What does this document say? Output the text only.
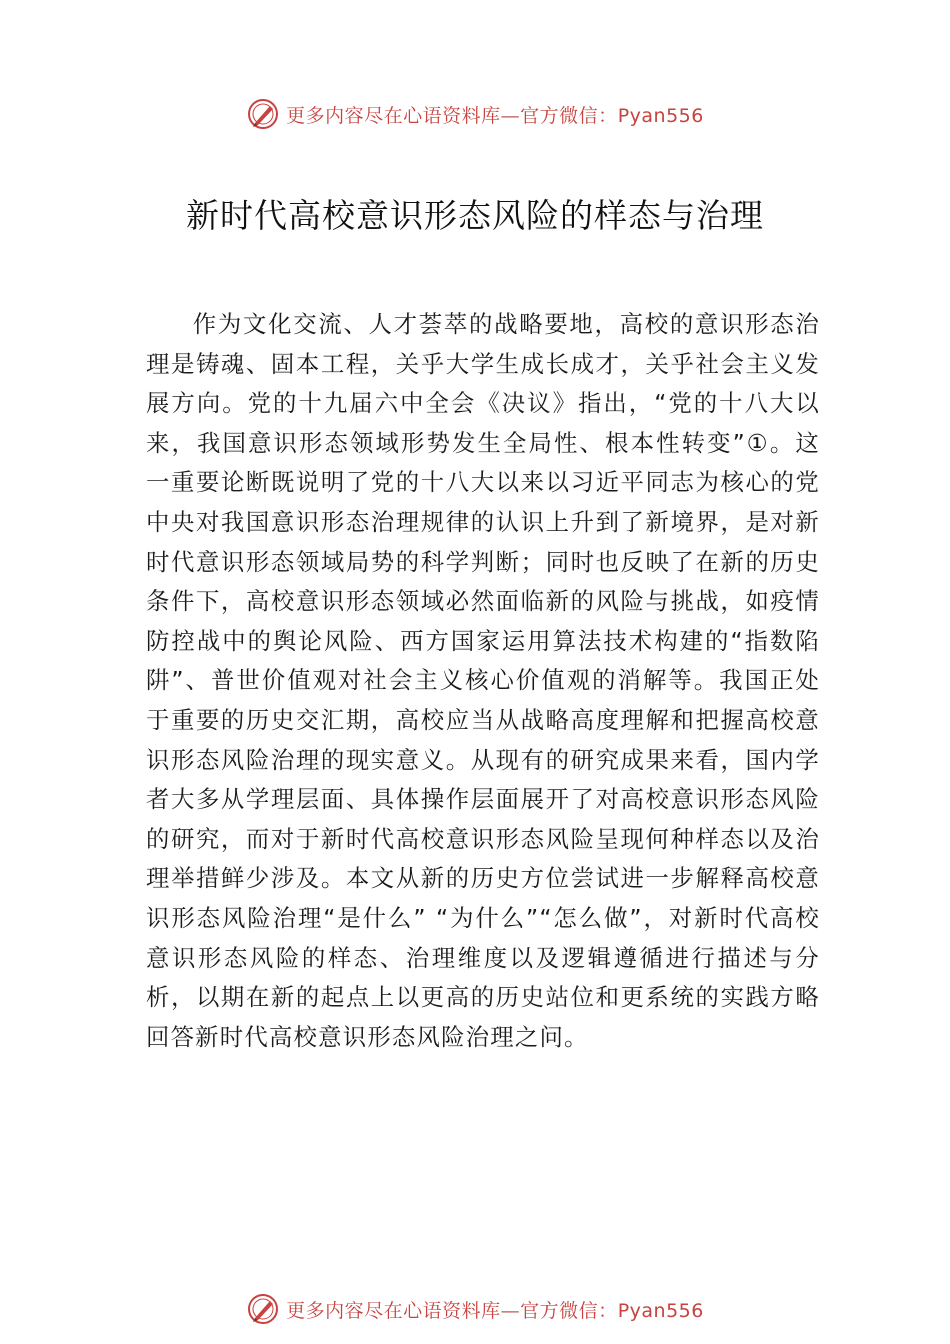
更多内容尽在心语资料库—官方微信：Pyan556
新时代高校意识形态风险的样态与治理

作为文化交流、人才荟萃的战略要地，高校的意识形态治理是铸魂、固本工程，关乎大学生成长成才，关乎社会主义发展方向。党的十九届六中全会《决议》指出，“党的十八大以来，我国意识形态领域形势发生全局性、根本性转变”①。这一重要论断既说明了党的十八大以来以习近平同志为核心的党中央对我国意识形态治理规律的认识上升到了新境界，是对新时代意识形态领域局势的科学判断；同时也反映了在新的历史条件下，高校意识形态领域必然面临新的风险与挑战，如疫情防控战中的舆论风险、西方国家运用算法技术构建的“指数陷阱”、普世价值观对社会主义核心价值观的消解等。我国正处于重要的历史交汇期，高校应当从战略高度理解和把握高校意识形态风险治理的现实意义。从现有的研究成果来看，国内学者大多从学理层面、具体操作层面展开了对高校意识形态风险的研究，而对于新时代高校意识形态风险呈现何种样态以及治理举措鲜少涉及。本文从新的历史方位尝试进一步解释高校意识形态风险治理“是什么” “为什么”“怎么做”，对新时代高校意识形态风险的样态、治理维度以及逻辑遵循进行描述与分析，以期在新的起点上以更高的历史站位和更系统的实践方略回答新时代高校意识形态风险治理之问。

更多内容尽在心语资料库—官方微信：Pyan556
